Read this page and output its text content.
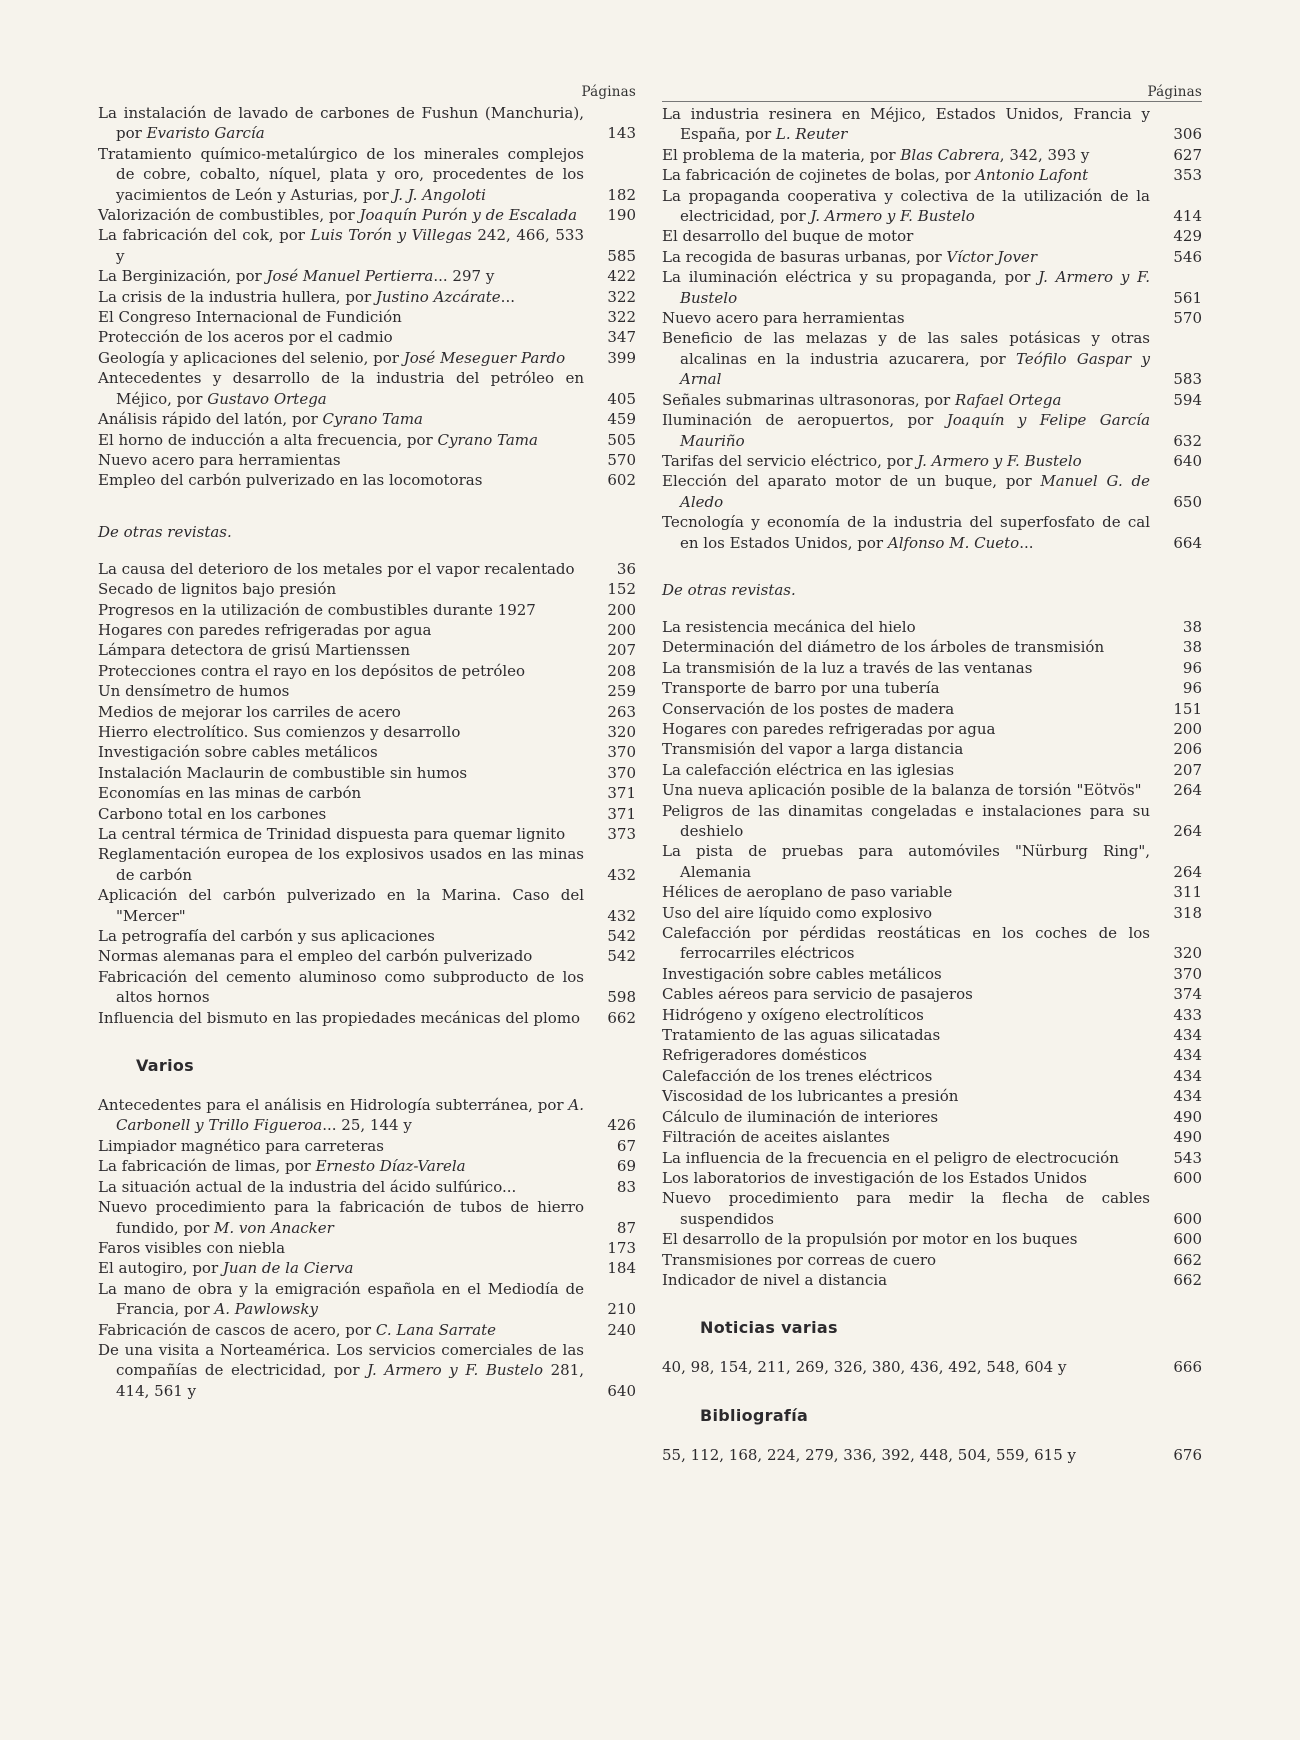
Páginas
La instalación de lavado de carbones de Fushun (Manchuria), por Evaristo García	143
Tratamiento químico-metalúrgico de los minerales complejos de cobre, cobalto, níquel, plata y oro, procedentes de los yacimientos de León y Asturias, por J. J. Angoloti	182
Valorización de combustibles, por Joaquín Purón y de Escalada	190
La fabricación del cok, por Luis Torón y Villegas 242, 466, 533 y	585
La Berginización, por José Manuel Pertierra... 297 y	422
La crisis de la industria hullera, por Justino Azcárate...	322
El Congreso Internacional de Fundición	322
Protección de los aceros por el cadmio	347
Geología y aplicaciones del selenio, por José Meseguer Pardo	399
Antecedentes y desarrollo de la industria del petróleo en Méjico, por Gustavo Ortega	405
Análisis rápido del latón, por Cyrano Tama	459
El horno de inducción a alta frecuencia, por Cyrano Tama	505
Nuevo acero para herramientas	570
Empleo del carbón pulverizado en las locomotoras	602
De otras revistas.
La causa del deterioro de los metales por el vapor recalentado	36
Secado de lignitos bajo presión	152
Progresos en la utilización de combustibles durante 1927	200
Hogares con paredes refrigeradas por agua	200
Lámpara detectora de grisú Martienssen	207
Protecciones contra el rayo en los depósitos de petróleo	208
Un densímetro de humos	259
Medios de mejorar los carriles de acero	263
Hierro electrolítico. Sus comienzos y desarrollo	320
Investigación sobre cables metálicos	370
Instalación Maclaurin de combustible sin humos	370
Economías en las minas de carbón	371
Carbono total en los carbones	371
La central térmica de Trinidad dispuesta para quemar lignito	373
Reglamentación europea de los explosivos usados en las minas de carbón	432
Aplicación del carbón pulverizado en la Marina. Caso del "Mercer"	432
La petrografía del carbón y sus aplicaciones	542
Normas alemanas para el empleo del carbón pulverizado	542
Fabricación del cemento aluminoso como subproducto de los altos hornos	598
Influencia del bismuto en las propiedades mecánicas del plomo	662
Varios
Antecedentes para el análisis en Hidrología subterránea, por A. Carbonell y Trillo Figueroa... 25, 144 y	426
Limpiador magnético para carreteras	67
La fabricación de limas, por Ernesto Díaz-Varela	69
La situación actual de la industria del ácido sulfúrico...	83
Nuevo procedimiento para la fabricación de tubos de hierro fundido, por M. von Anacker	87
Faros visibles con niebla	173
El autogiro, por Juan de la Cierva	184
La mano de obra y la emigración española en el Mediodía de Francia, por A. Pawlowsky	210
Fabricación de cascos de acero, por C. Lana Sarrate	240
De una visita a Norteamérica. Los servicios comerciales de las compañías de electricidad, por J. Armero y F. Bustelo 281, 414, 561 y	640
Páginas
La industria resinera en Méjico, Estados Unidos, Francia y España, por L. Reuter	306
El problema de la materia, por Blas Cabrera, 342, 393 y	627
La fabricación de cojinetes de bolas, por Antonio Lafont	353
La propaganda cooperativa y colectiva de la utilización de la electricidad, por J. Armero y F. Bustelo	414
El desarrollo del buque de motor	429
La recogida de basuras urbanas, por Víctor Jover	546
La iluminación eléctrica y su propaganda, por J. Armero y F. Bustelo	561
Nuevo acero para herramientas	570
Beneficio de las melazas y de las sales potásicas y otras alcalinas en la industria azucarera, por Teófilo Gaspar y Arnal	583
Señales submarinas ultrasonoras, por Rafael Ortega	594
Iluminación de aeropuertos, por Joaquín y Felipe García Mauriño	632
Tarifas del servicio eléctrico, por J. Armero y F. Bustelo	640
Elección del aparato motor de un buque, por Manuel G. de Aledo	650
Tecnología y economía de la industria del superfosfato de cal en los Estados Unidos, por Alfonso M. Cueto...	664
De otras revistas.
La resistencia mecánica del hielo	38
Determinación del diámetro de los árboles de transmisión	38
La transmisión de la luz a través de las ventanas	96
Transporte de barro por una tubería	96
Conservación de los postes de madera	151
Hogares con paredes refrigeradas por agua	200
Transmisión del vapor a larga distancia	206
La calefacción eléctrica en las iglesias	207
Una nueva aplicación posible de la balanza de torsión "Eötvös"	264
Peligros de las dinamitas congeladas e instalaciones para su deshielo	264
La pista de pruebas para automóviles "Nürburg Ring", Alemania	264
Hélices de aeroplano de paso variable	311
Uso del aire líquido como explosivo	318
Calefacción por pérdidas reostáticas en los coches de los ferrocarriles eléctricos	320
Investigación sobre cables metálicos	370
Cables aéreos para servicio de pasajeros	374
Hidrógeno y oxígeno electrolíticos	433
Tratamiento de las aguas silicatadas	434
Refrigeradores domésticos	434
Calefacción de los trenes eléctricos	434
Viscosidad de los lubricantes a presión	434
Cálculo de iluminación de interiores	490
Filtración de aceites aislantes	490
La influencia de la frecuencia en el peligro de electrocución	543
Los laboratorios de investigación de los Estados Unidos	600
Nuevo procedimiento para medir la flecha de cables suspendidos	600
El desarrollo de la propulsión por motor en los buques	600
Transmisiones por correas de cuero	662
Indicador de nivel a distancia	662
Noticias varias
40, 98, 154, 211, 269, 326, 380, 436, 492, 548, 604 y	666
Bibliografía
55, 112, 168, 224, 279, 336, 392, 448, 504, 559, 615 y	676
